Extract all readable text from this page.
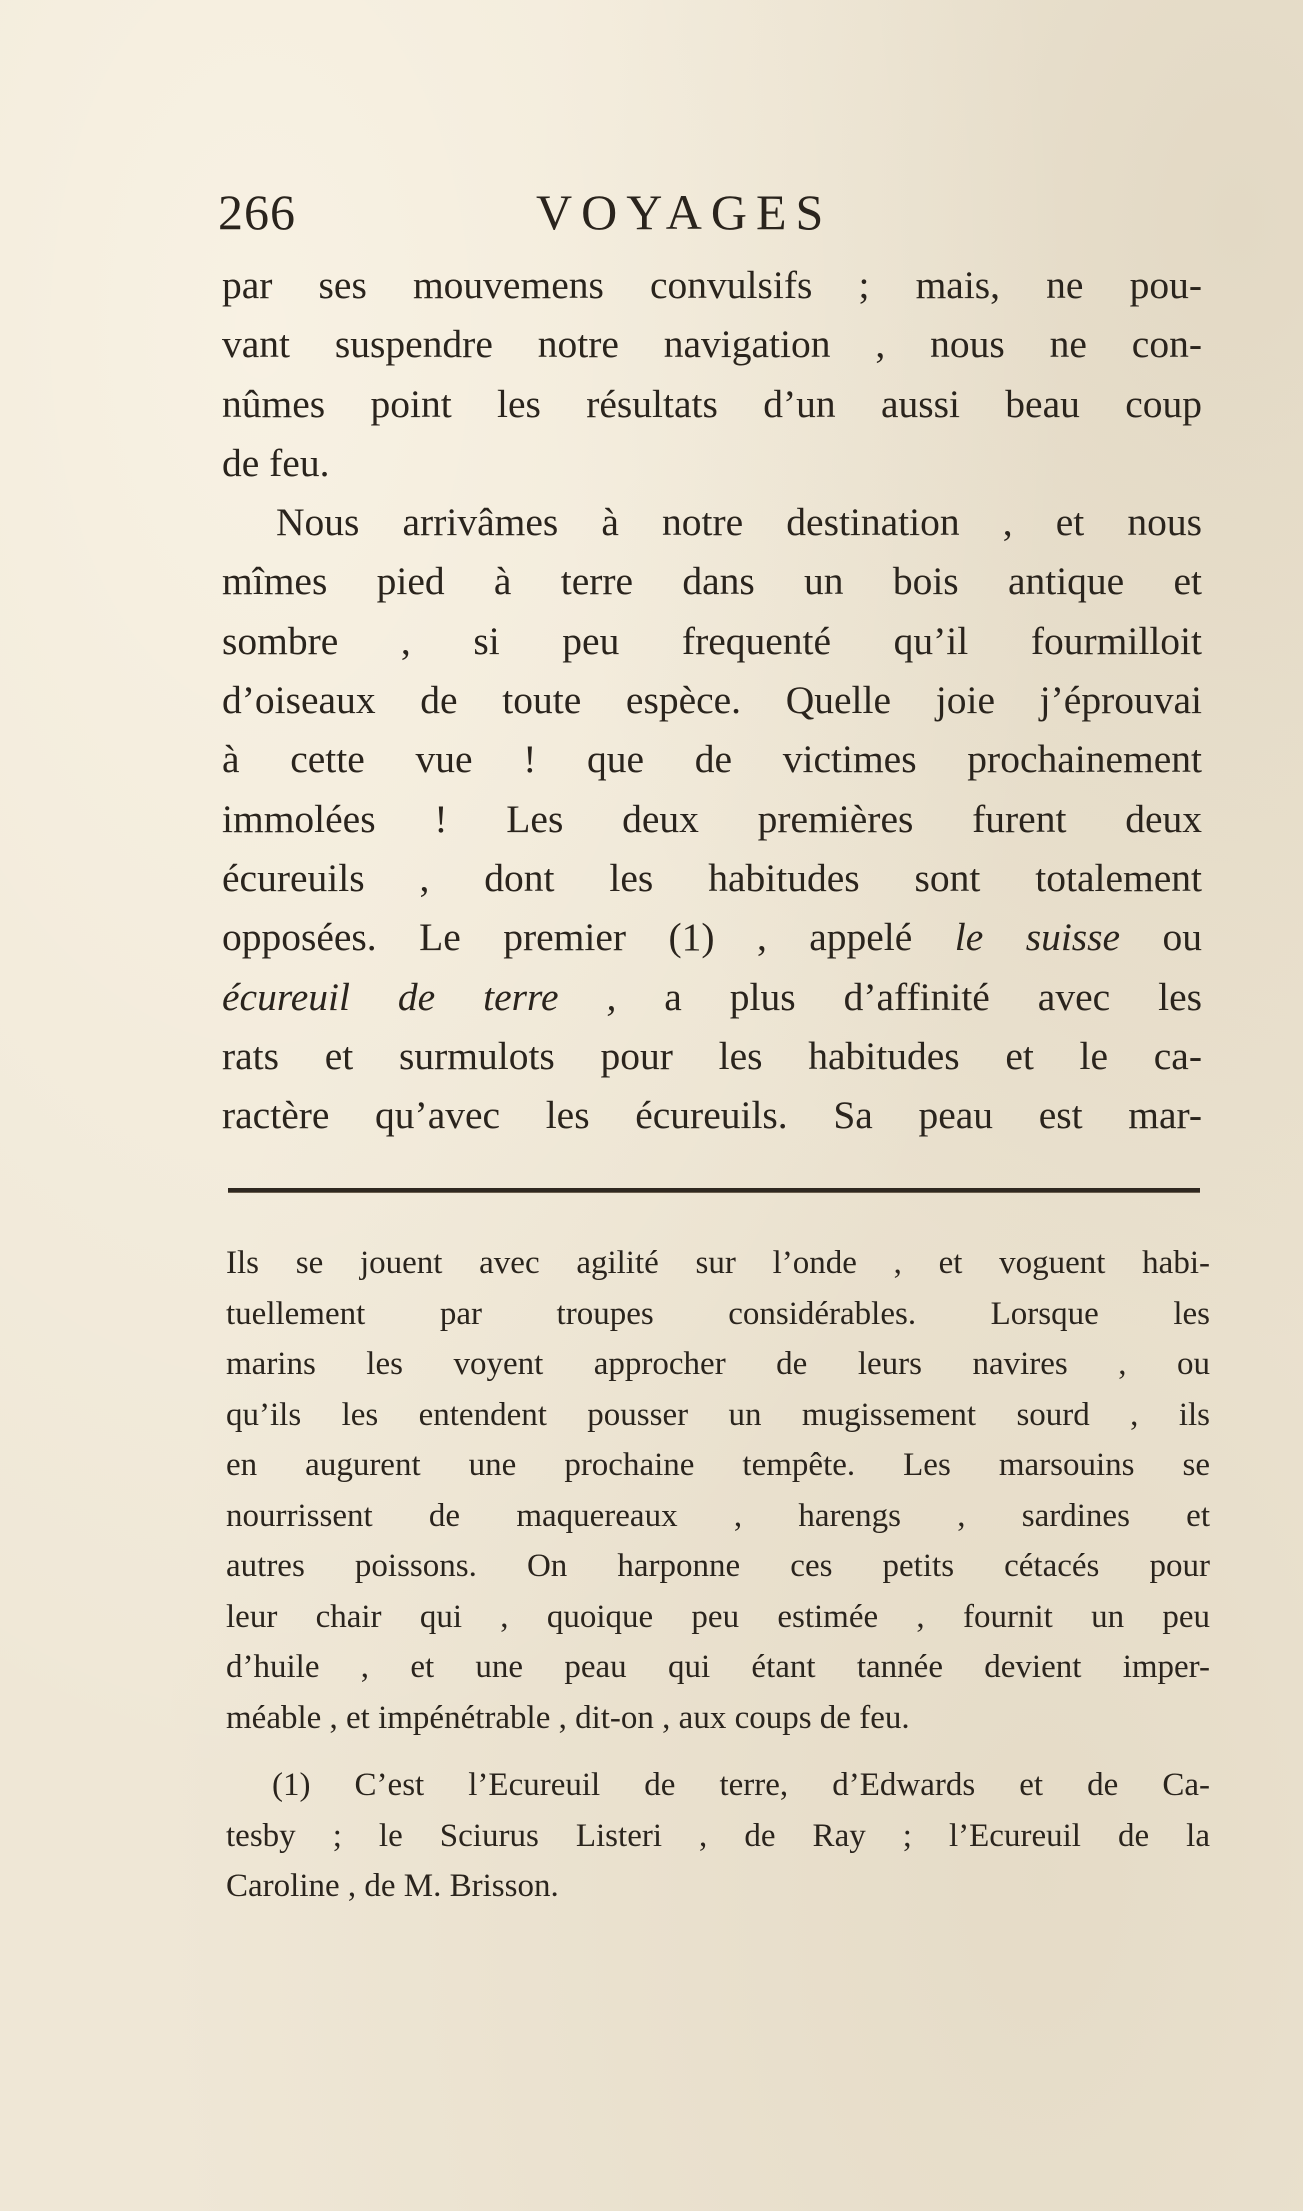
266	VOYAGES
par ses mouvemens convulsifs ; mais, ne pou-
vant suspendre notre navigation , nous ne con-
nûmes point les résultats d’un aussi beau coup
de feu.
Nous arrivâmes à notre destination , et nous
mîmes pied à terre dans un bois antique et
sombre , si peu frequenté qu’il fourmilloit
d’oiseaux de toute espèce. Quelle joie j’éprouvai
à cette vue ! que de victimes prochainement
immolées ! Les deux premières furent deux
écureuils , dont les habitudes sont totalement
opposées. Le premier (1) , appelé le suisse ou
écureuil de terre , a plus d’affinité avec les
rats et surmulots pour les habitudes et le ca-
ractère qu’avec les écureuils. Sa peau est mar-
Ils se jouent avec agilité sur l’onde , et voguent habi-
tuellement par troupes considérables. Lorsque les
marins les voyent approcher de leurs navires , ou
qu’ils les entendent pousser un mugissement sourd , ils
en augurent une prochaine tempête. Les marsouins se
nourrissent de maquereaux , harengs , sardines et
autres poissons. On harponne ces petits cétacés pour
leur chair qui , quoique peu estimée , fournit un peu
d’huile , et une peau qui étant tannée devient imper-
méable , et impénétrable , dit-on , aux coups de feu.
(1) C’est l’Ecureuil de terre, d’Edwards et de Ca-
tesby ; le Sciurus Listeri , de Ray ; l’Ecureuil de la
Caroline , de M. Brisson.
